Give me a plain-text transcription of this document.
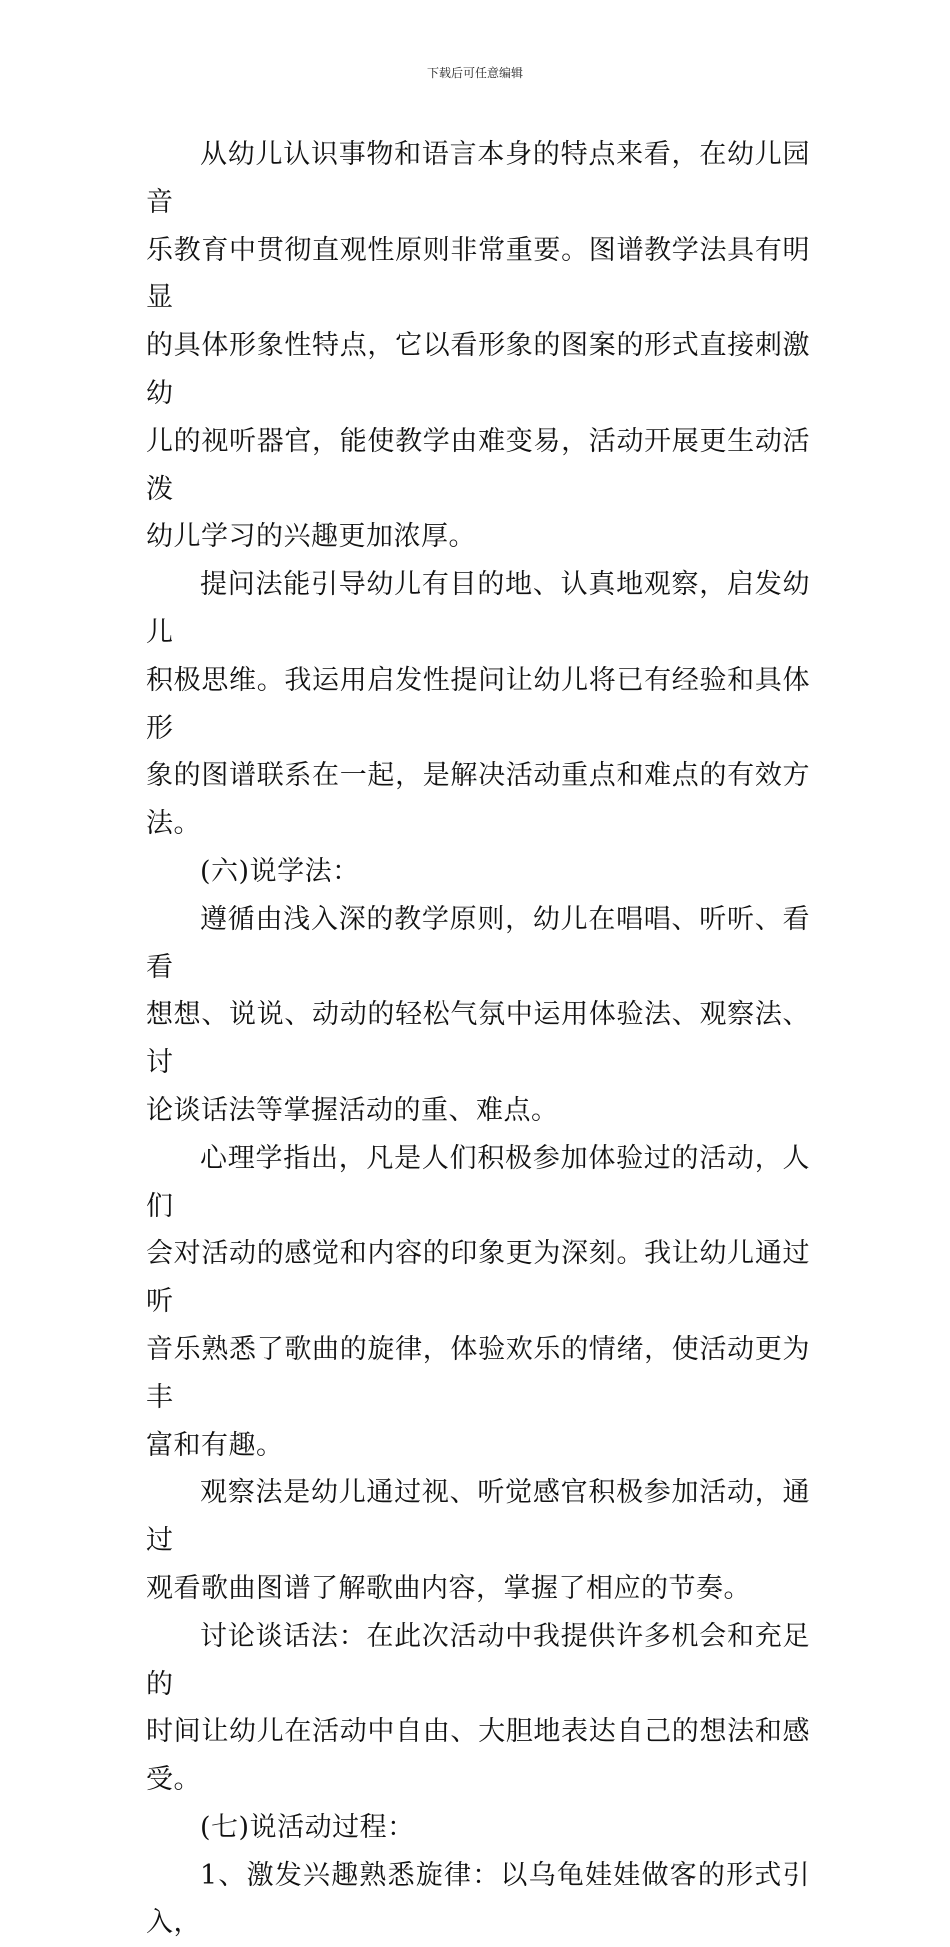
下载后可任意编辑

从幼儿认识事物和语言本身的特点来看，在幼儿园音
乐教育中贯彻直观性原则非常重要。图谱教学法具有明显
的具体形象性特点，它以看形象的图案的形式直接刺激幼
儿的视听器官，能使教学由难变易，活动开展更生动活泼
幼儿学习的兴趣更加浓厚。

提问法能引导幼儿有目的地、认真地观察，启发幼儿
积极思维。我运用启发性提问让幼儿将已有经验和具体形
象的图谱联系在一起，是解决活动重点和难点的有效方法。

(六)说学法：

遵循由浅入深的教学原则，幼儿在唱唱、听听、看看
想想、说说、动动的轻松气氛中运用体验法、观察法、讨
论谈话法等掌握活动的重、难点。

心理学指出，凡是人们积极参加体验过的活动，人们
会对活动的感觉和内容的印象更为深刻。我让幼儿通过听
音乐熟悉了歌曲的旋律，体验欢乐的情绪，使活动更为丰
富和有趣。

观察法是幼儿通过视、听觉感官积极参加活动，通过
观看歌曲图谱了解歌曲内容，掌握了相应的节奏。

讨论谈话法：在此次活动中我提供许多机会和充足的
时间让幼儿在活动中自由、大胆地表达自己的想法和感受。

(七)说活动过程：

1、激发兴趣熟悉旋律：以乌龟娃娃做客的形式引入，
